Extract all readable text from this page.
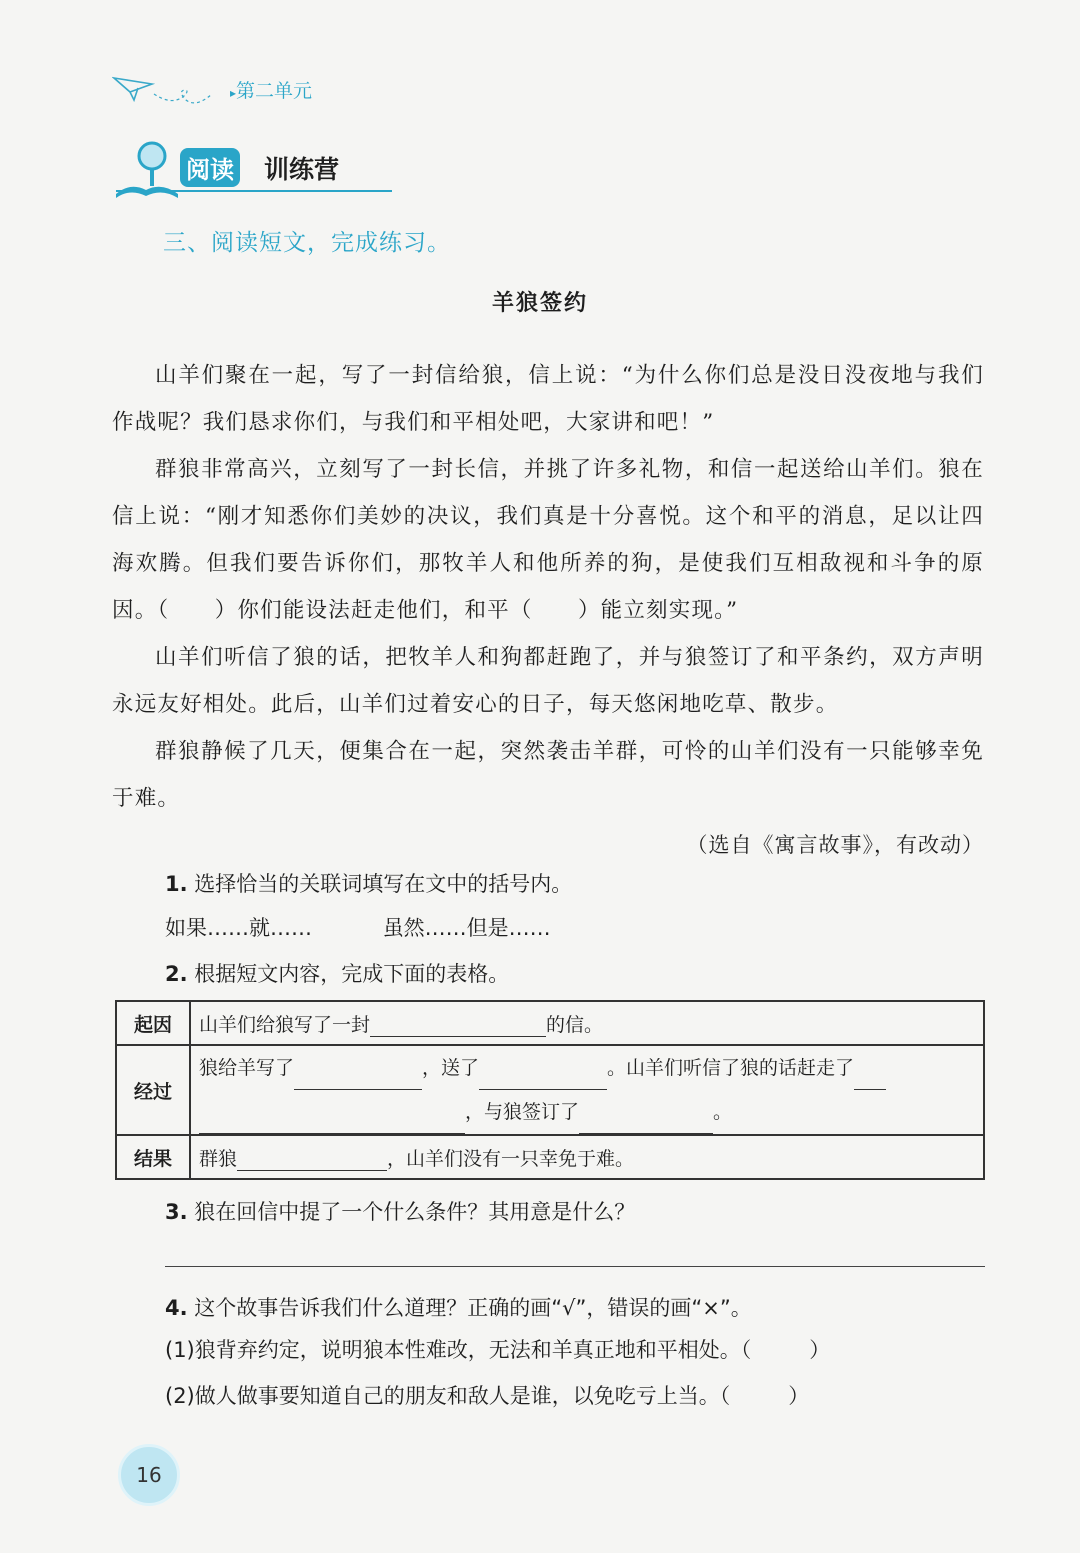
▸第二单元
阅读 训练营
三、阅读短文，完成练习。
羊狼签约

山羊们聚在一起，写了一封信给狼，信上说：“为什么你们总是没日没夜地与我们作战呢？我们恳求你们，与我们和平相处吧，大家讲和吧！”

群狼非常高兴，立刻写了一封长信，并挑了许多礼物，和信一起送给山羊们。狼在信上说：“刚才知悉你们美妙的决议，我们真是十分喜悦。这个和平的消息，足以让四海欢腾。但我们要告诉你们，那牧羊人和他所养的狗，是使我们互相敌视和斗争的原因。（　　）你们能设法赶走他们，和平（　　）能立刻实现。”

山羊们听信了狼的话，把牧羊人和狗都赶跑了，并与狼签订了和平条约，双方声明永远友好相处。此后，山羊们过着安心的日子，每天悠闲地吃草、散步。

群狼静候了几天，便集合在一起，突然袭击羊群，可怜的山羊们没有一只能够幸免于难。

（选自《寓言故事》，有改动）

1. 选择恰当的关联词填写在文中的括号内。
如果……就……	虽然……但是……
2. 根据短文内容，完成下面的表格。
起因	山羊们给狼写了一封 的信。
经过	狼给羊写了 ，送了 。山羊们听信了狼的话赶走了
，与狼签订了 。

结果	群狼 ，山羊们没有一只幸免于难。
3. 狼在回信中提了一个什么条件？其用意是什么？
4. 这个故事告诉我们什么道理？正确的画“√”，错误的画“×”。
(1)狼背弃约定，说明狼本性难改，无法和羊真正地和平相处。（	）
(2)做人做事要知道自己的朋友和敌人是谁，以免吃亏上当。（	）
16
